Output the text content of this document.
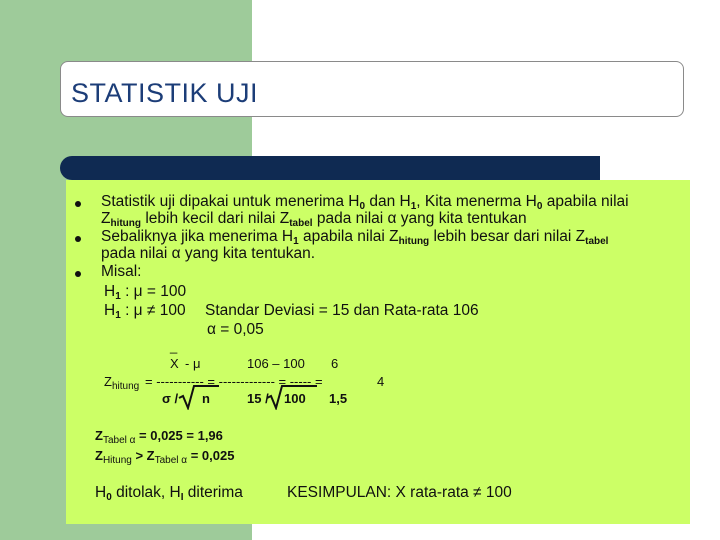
STATISTIK UJI
Statistik uji dipakai untuk menerima $H_0$ dan $H_1$, Kita menerma $H_0$ apabila nilai
$Z_{hitung}$ lebih kecil dari nilai $Z_{tabel}$ pada nilai α yang kita tentukan
Sebaliknya jika menerima $H_1$ apabila nilai $Z_{hitung}$ lebih besar dari nilai $Z_{tabel}$
pada nilai α yang kita tentukan.
Misal:
$H_1$ : μ = 100
$H_1$ : μ ≠ 100 Standar Deviasi = 15 dan Rata-rata 106
α = 0,05
_
X - μ	106 – 100 6
$Z_{hitung}$ = ----------- = ------------- = ----- =	4
σ / n	15 / 100 1,5
$Z_{Tabel \alpha} = 0,025 = 1,96$
$Z_{Hitung} > Z_{Tabel \alpha} = 0,025$
$H_0$ ditolak, $H_I$ diterima	KESIMPULAN: X rata-rata ≠ 100
